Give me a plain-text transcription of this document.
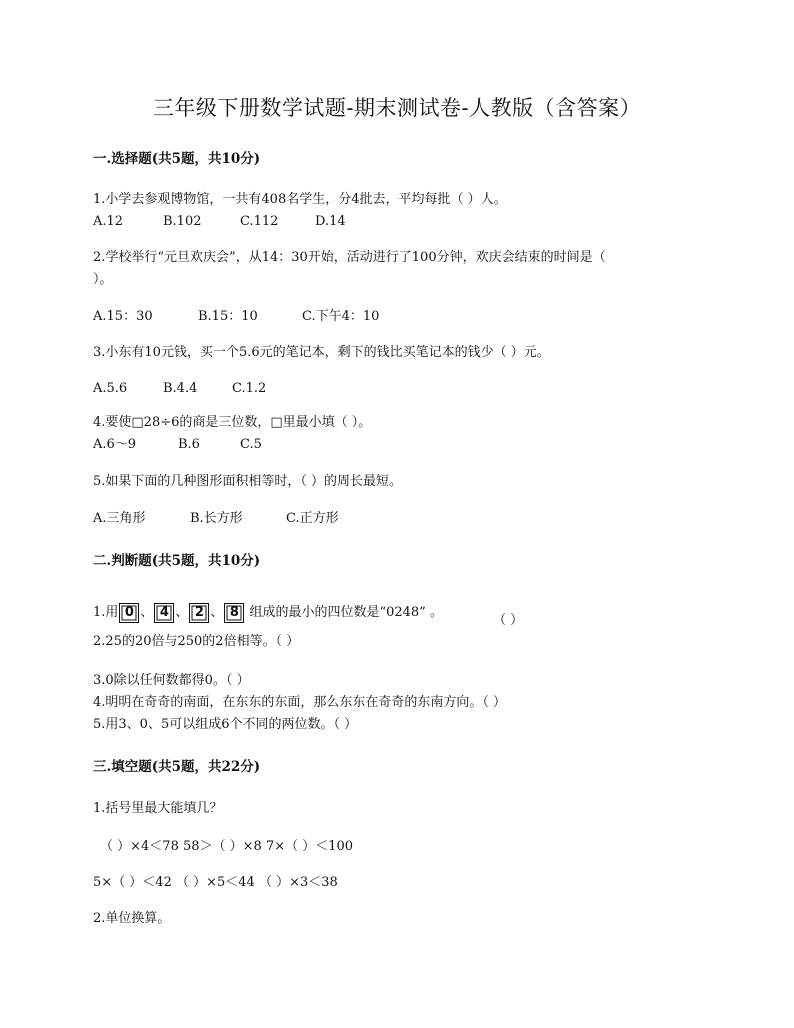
三年级下册数学试题-期末测试卷-人教版（含答案）
一.选择题(共5题，共10分)
1.小学去参观博物馆，一共有408名学生，分4批去，平均每批（ ）人。
A.12	B.102	C.112	D.14
2.学校举行“元旦欢庆会”，从14：30开始，活动进行了100分钟，欢庆会结束的时间是（
）。
A.15：30	B.15：10	C.下午4：10
3.小东有10元钱，买一个5.6元的笔记本，剩下的钱比买笔记本的钱少（ ）元。
A.5.6	B.4.4	C.1.2
4.要使□28÷6的商是三位数，□里最小填（ ）。
A.6～9	B.6	C.5
5.如果下面的几种图形面积相等时，（ ）的周长最短。
A.三角形	B.长方形	C.正方形
二.判断题(共5题，共10分)
1.用 0 、 4 、 2 、 8 组成的最小的四位数是“0248” 。
（ ）
2.25的20倍与250的2倍相等。（ ）
3.0除以任何数都得0。（ ）
4.明明在奇奇的南面，在东东的东面，那么东东在奇奇的东南方向。（ ）
5.用3、0、5可以组成6个不同的两位数。（ ）
三.填空题(共5题，共22分)
1.括号里最大能填几？
（ ）×4＜78 58＞（ ）×8 7×（ ）＜100
5×（ ）＜42 （ ）×5＜44 （ ）×3＜38
2.单位换算。
